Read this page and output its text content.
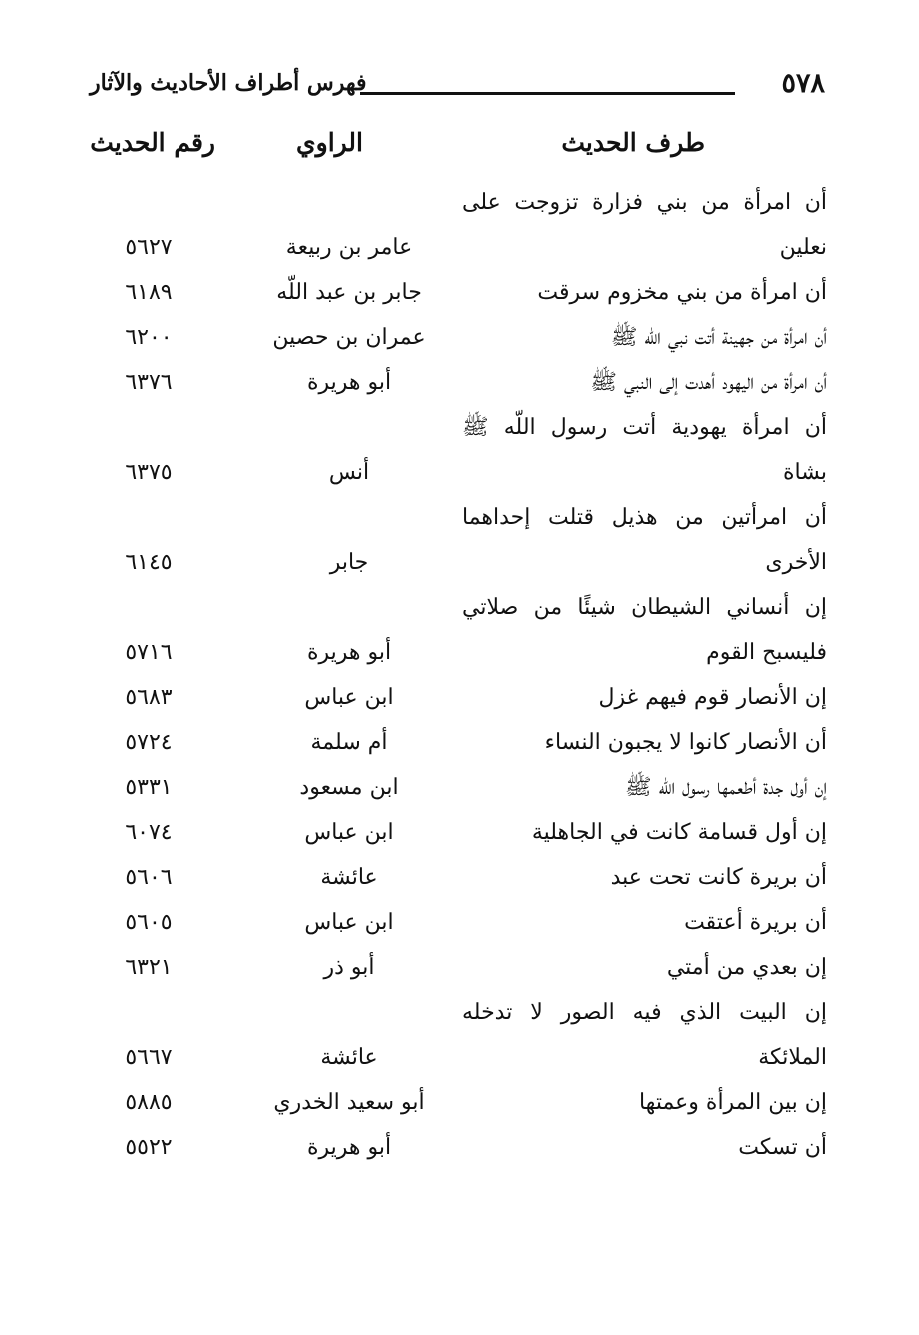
٥٧٨
فهرس أطراف الأحاديث والآثار
طرف الحديث
الراوي
رقم الحديث
أن امرأة من بني فزارة تزوجت على نعلين
عامر بن ربيعة
٥٦٢٧
أن امرأة من بني مخزوم سرقت
جابر بن عبد اللّه
٦١٨٩
أن امرأة من جهينة أتت نبي اللّه ﷺ
عمران بن حصين
٦٢٠٠
أن امرأة من اليهود أهدت إلى النبي ﷺ
أبو هريرة
٦٣٧٦
أن امرأة يهودية أتت رسول اللّه ﷺ بشاة
أنس
٦٣٧٥
أن امرأتين من هذيل قتلت إحداهما الأخرى
جابر
٦١٤٥
إن أنساني الشيطان شيئًا من صلاتي فليسبح القوم
أبو هريرة
٥٧١٦
إن الأنصار قوم فيهم غزل
ابن عباس
٥٦٨٣
أن الأنصار كانوا لا يجبون النساء
أم سلمة
٥٧٢٤
إن أول جدة أطعمها رسول اللّه ﷺ
ابن مسعود
٥٣٣١
إن أول قسامة كانت في الجاهلية
ابن عباس
٦٠٧٤
أن بريرة كانت تحت عبد
عائشة
٥٦٠٦
أن بريرة أعتقت
ابن عباس
٥٦٠٥
إن بعدي من أمتي
أبو ذر
٦٣٢١
إن البيت الذي فيه الصور لا تدخله الملائكة
عائشة
٥٦٦٧
إن بين المرأة وعمتها
أبو سعيد الخدري
٥٨٨٥
أن تسكت
أبو هريرة
٥٥٢٢
